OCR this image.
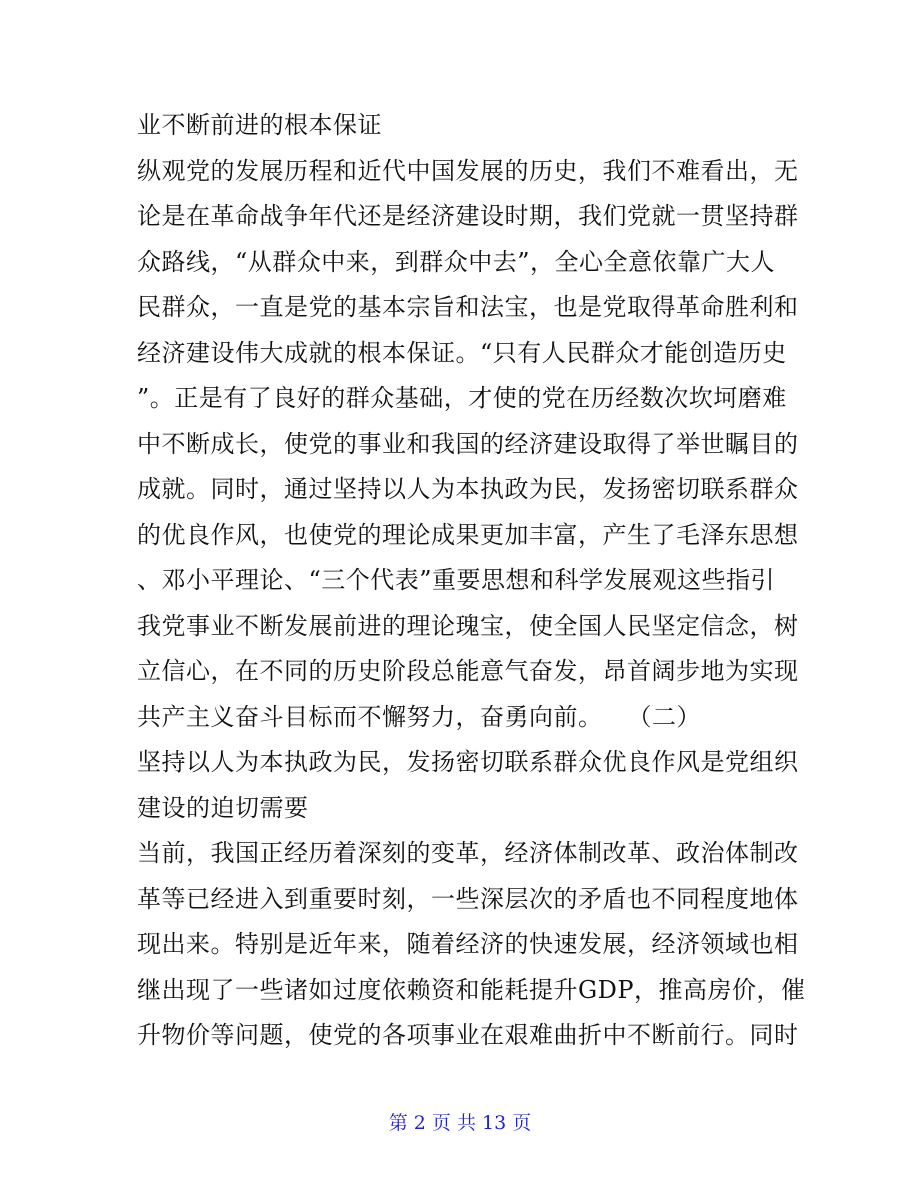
业不断前进的根本保证
纵观党的发展历程和近代中国发展的历史，我们不难看出，无
论是在革命战争年代还是经济建设时期，我们党就一贯坚持群
众路线，“从群众中来，到群众中去”，全心全意依靠广大人
民群众，一直是党的基本宗旨和法宝，也是党取得革命胜利和
经济建设伟大成就的根本保证。“只有人民群众才能创造历史
”。正是有了良好的群众基础，才使的党在历经数次坎坷磨难
中不断成长，使党的事业和我国的经济建设取得了举世瞩目的
成就。同时，通过坚持以人为本执政为民，发扬密切联系群众
的优良作风，也使党的理论成果更加丰富，产生了毛泽东思想
、邓小平理论、“三个代表”重要思想和科学发展观这些指引
我党事业不断发展前进的理论瑰宝，使全国人民坚定信念，树
立信心，在不同的历史阶段总能意气奋发，昂首阔步地为实现
共产主义奋斗目标而不懈努力，奋勇向前。　　（二）
坚持以人为本执政为民，发扬密切联系群众优良作风是党组织
建设的迫切需要
当前，我国正经历着深刻的变革，经济体制改革、政治体制改
革等已经进入到重要时刻，一些深层次的矛盾也不同程度地体
现出来。特别是近年来，随着经济的快速发展，经济领域也相
继出现了一些诸如过度依赖资和能耗提升GDP，推高房价，催
升物价等问题，使党的各项事业在艰难曲折中不断前行。同时
第 2 页 共 13 页
